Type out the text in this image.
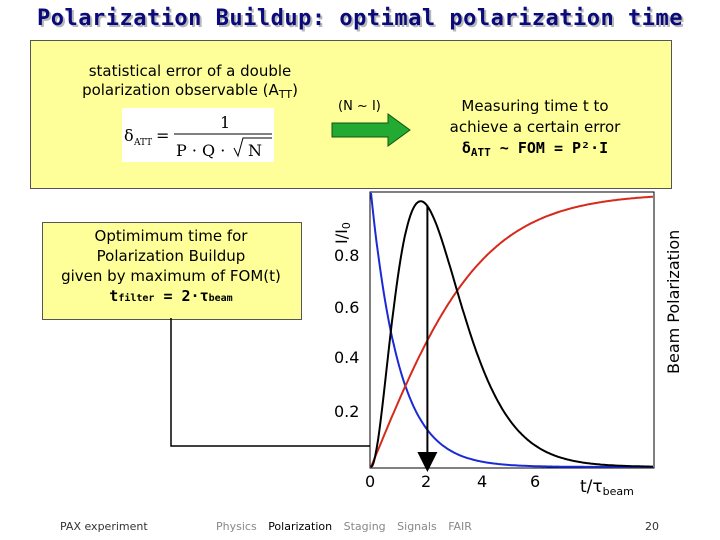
Polarization Buildup: optimal polarization time
statistical error of a double
polarization observable $(A_{TT})$
δ ATT =
1
P · Q · N
(N ~ I)	Measuring time t to
achieve a certain error
$\delta_{ATT}$ ~ FOM = P²·I
Optimimum time for
Polarization Buildup
given by maximum of FOM(t)
tfilter = 2·τbeam
0.8
0.6
0.4
0.2
0	2	4	6
$I/I_0$
Beam Polarization
$t/\tau_{beam}$
PAX experiment	Physics Polarization Staging Signals FAIR	20
